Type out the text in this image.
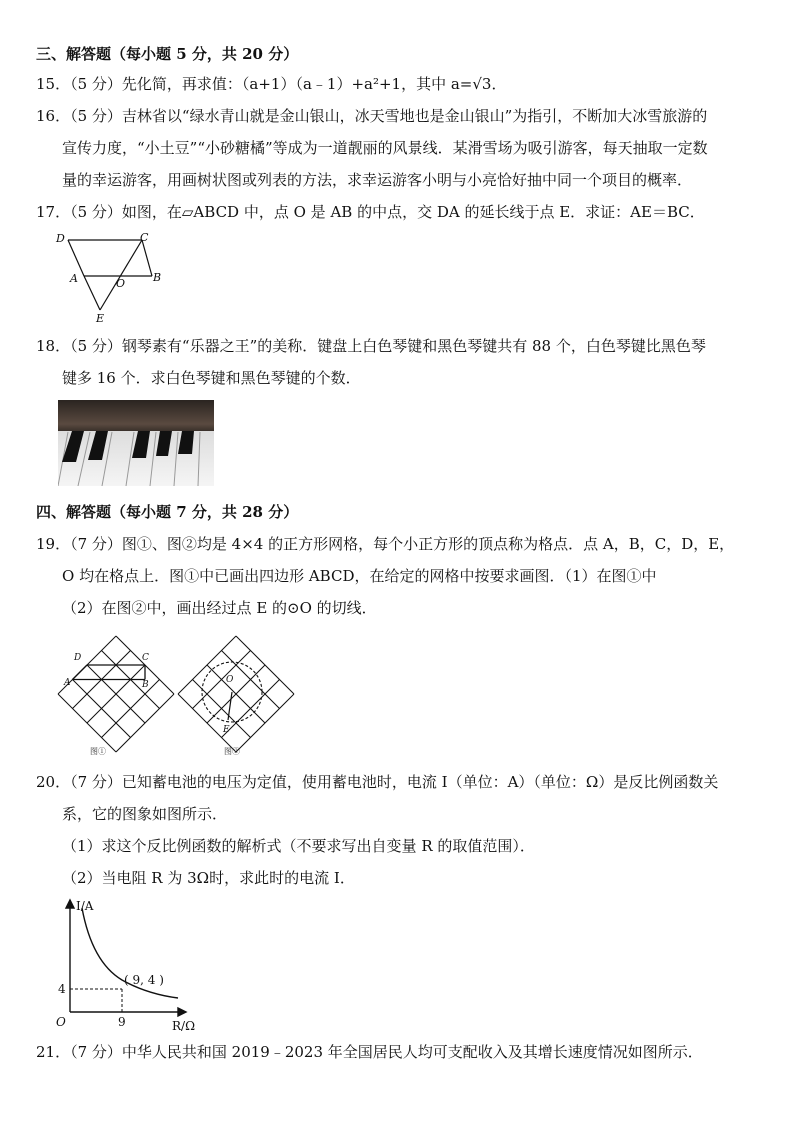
三、解答题（每小题 5 分，共 20 分）
15．（5 分）先化简，再求值：（a+1）（a﹣1）+a²+1，其中 a=√3．
16．（5 分）吉林省以“绿水青山就是金山银山，冰天雪地也是金山银山”为指引，不断加大冰雪旅游的
宣传力度，“小土豆”“小砂糖橘”等成为一道靓丽的风景线．某滑雪场为吸引游客，每天抽取一定数
量的幸运游客，用画树状图或列表的方法，求幸运游客小明与小亮恰好抽中同一个项目的概率．
17．（5 分）如图，在▱ABCD 中，点 O 是 AB 的中点，交 DA 的延长线于点 E．求证：AE＝BC．
D	C
A	B
O
E
18．（5 分）钢琴素有“乐器之王”的美称．键盘上白色琴键和黑色琴键共有 88 个，白色琴键比黑色琴
键多 16 个．求白色琴键和黑色琴键的个数．
四、解答题（每小题 7 分，共 28 分）
19．（7 分）图①、图②均是 4×4 的正方形网格，每个小正方形的顶点称为格点．点 A，B，C，D，E，
O 均在格点上．图①中已画出四边形 ABCD，在给定的网格中按要求画图．（1）在图①中
（2）在图②中，画出经过点 E 的⊙O 的切线．
D	C
A	B
图①
O
E
图②
20．（7 分）已知蓄电池的电压为定值，使用蓄电池时，电流 I（单位：A）（单位：Ω）是反比例函数关
系，它的图象如图所示．
（1）求这个反比例函数的解析式（不要求写出自变量 R 的取值范围）．
（2）当电阻 R 为 3Ω时，求此时的电流 I．
I/A
R/Ω
O
( 9, 4 )
9
4
21．（7 分）中华人民共和国 2019﹣2023 年全国居民人均可支配收入及其增长速度情况如图所示．
